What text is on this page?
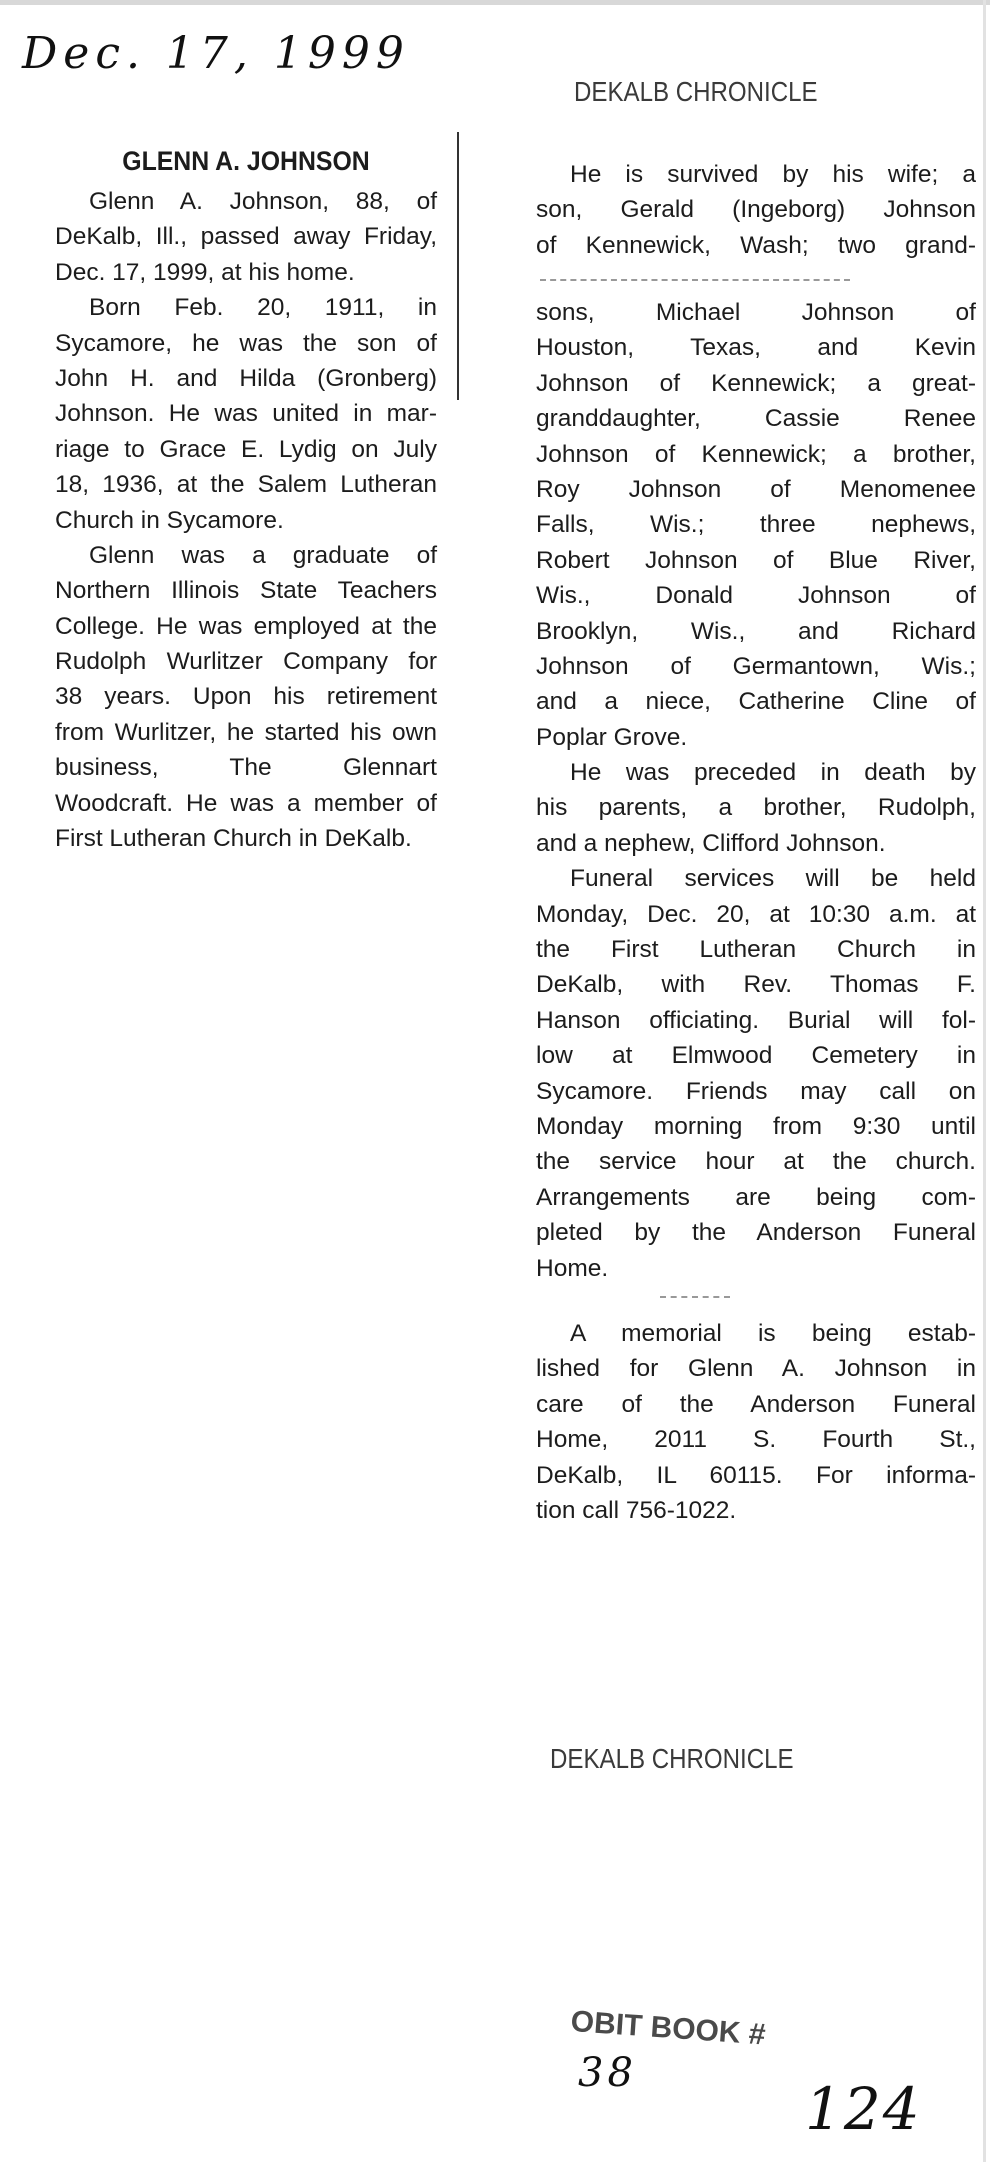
Dec. 17, 1999
DEKALB CHRONICLE
GLENN A. JOHNSON
Glenn A. Johnson, 88, of
DeKalb, Ill., passed away Friday,
Dec. 17, 1999, at his home.
Born Feb. 20, 1911, in
Sycamore, he was the son of
John H. and Hilda (Gronberg)
Johnson. He was united in mar-
riage to Grace E. Lydig on July
18, 1936, at the Salem Lutheran
Church in Sycamore.
Glenn was a graduate of
Northern Illinois State Teachers
College. He was employed at the
Rudolph Wurlitzer Company for
38 years. Upon his retirement
from Wurlitzer, he started his own
business, The Glennart
Woodcraft. He was a member of
First Lutheran Church in DeKalb.
He is survived by his wife; a
son, Gerald (Ingeborg) Johnson
of Kennewick, Wash; two grand-
sons, Michael Johnson of
Houston, Texas, and Kevin
Johnson of Kennewick; a great-
granddaughter, Cassie Renee
Johnson of Kennewick; a brother,
Roy Johnson of Menomenee
Falls, Wis.; three nephews,
Robert Johnson of Blue River,
Wis., Donald Johnson of
Brooklyn, Wis., and Richard
Johnson of Germantown, Wis.;
and a niece, Catherine Cline of
Poplar Grove.
He was preceded in death by
his parents, a brother, Rudolph,
and a nephew, Clifford Johnson.
Funeral services will be held
Monday, Dec. 20, at 10:30 a.m. at
the First Lutheran Church in
DeKalb, with Rev. Thomas F.
Hanson officiating. Burial will fol-
low at Elmwood Cemetery in
Sycamore. Friends may call on
Monday morning from 9:30 until
the service hour at the church.
Arrangements are being com-
pleted by the Anderson Funeral
Home.
A memorial is being estab-
lished for Glenn A. Johnson in
care of the Anderson Funeral
Home, 2011 S. Fourth St.,
DeKalb, IL 60115. For informa-
tion call 756-1022.
DEKALB CHRONICLE
OBIT BOOK #
38
124
